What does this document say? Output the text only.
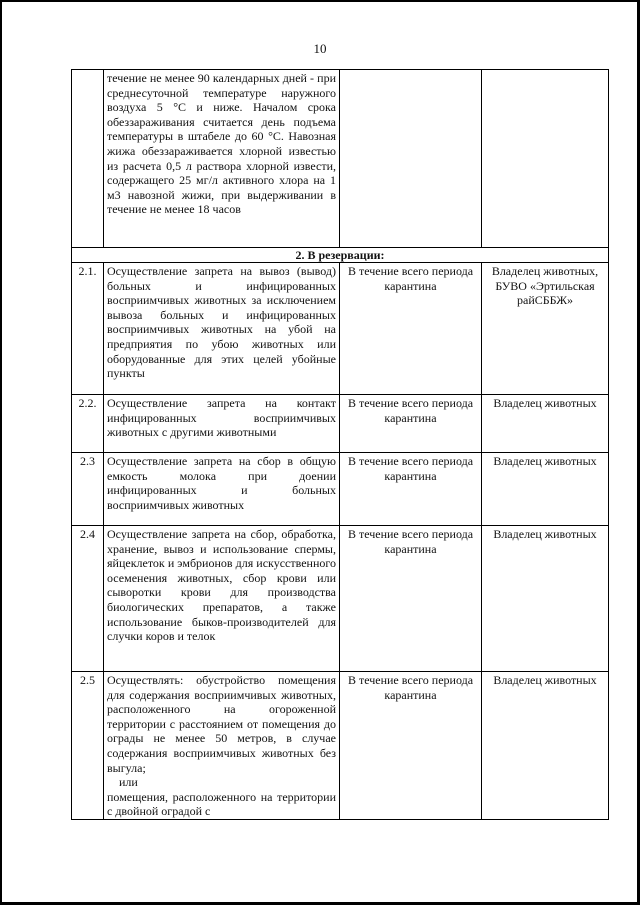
10
	течение не менее 90 календарных дней - при среднесуточной температуре наружного воздуха 5 °С и ниже. Началом срока обеззараживания считается день подъема температуры в штабеле до 60 °С. Навозная жижа обеззараживается хлорной известью из расчета 0,5 л раствора хлорной извести, содержащего 25 мг/л активного хлора на 1 м3 навозной жижи, при выдерживании в течение не менее 18 часов		
2. В резервации:			
2.1.	Осуществление запрета на вывоз (вывод) больных и инфицированных восприимчивых животных за исключением вывоза больных и инфицированных восприимчивых животных на убой на предприятия по убою животных или оборудованные для этих целей убойные пункты	В течение всего периода карантина	Владелец животных, БУВО «Эртильская райСББЖ»
2.2.	Осуществление запрета на контакт инфицированных восприимчивых животных с другими животными	В течение всего периода карантина	Владелец животных
2.3	Осуществление запрета на сбор в общую емкость молока при доении инфицированных и больных восприимчивых животных	В течение всего периода карантина	Владелец животных
2.4	Осуществление запрета на сбор, обработка, хранение, вывоз и использование спермы, яйцеклеток и эмбрионов для искусственного осеменения животных, сбор крови или сыворотки крови для производства биологических препаратов, а также использование быков-производителей для случки коров и телок	В течение всего периода карантина	Владелец животных
2.5	Осуществлять: обустройство помещения для содержания восприимчивых животных, расположенного на огороженной территории с расстоянием от помещения до ограды не менее 50 метров, в случае содержания восприимчивых животных без выгула;
или
помещения, расположенного на территории с двойной оградой с	В течение всего периода карантина	Владелец животных
